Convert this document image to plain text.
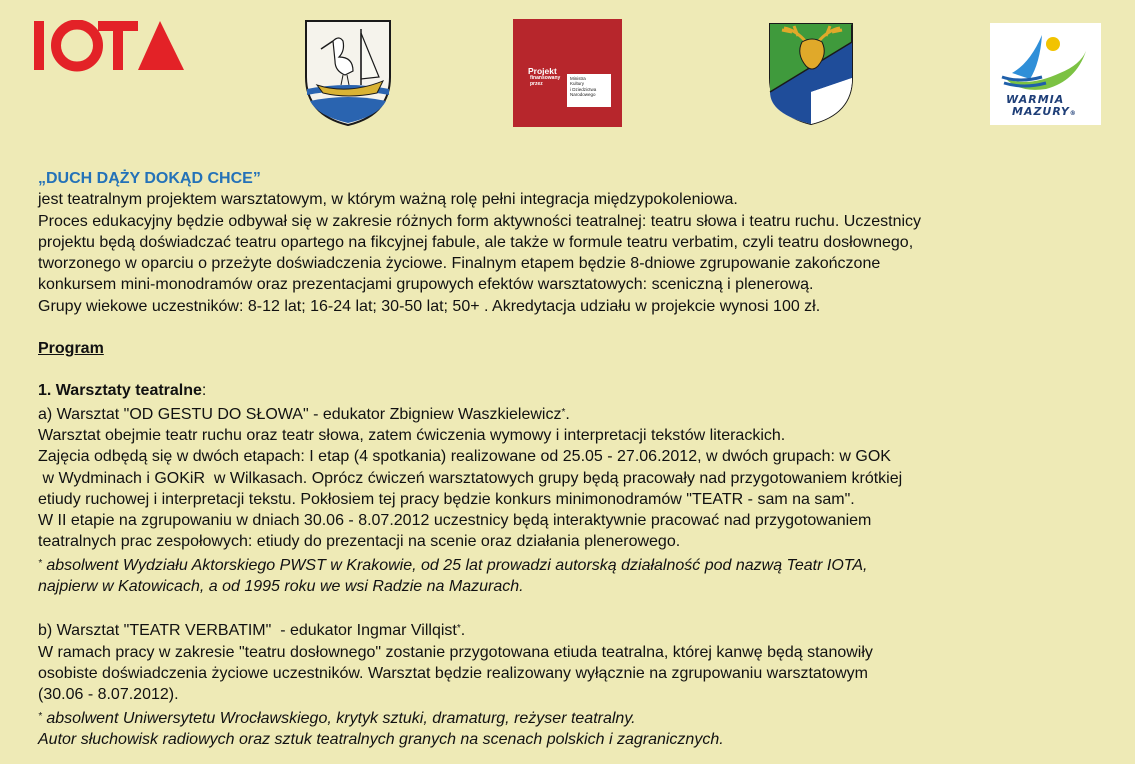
Projekt
finansowany
przez
Ministra
Kultury
i Dziedzictwa
Narodowego	WARMIA
MAZURY®

„DUCH DĄŻY DOKĄD CHCE”

jest teatralnym projektem warsztatowym, w którym ważną rolę pełni integracja międzypokoleniowa.

Proces edukacyjny będzie odbywał się w zakresie różnych form aktywności teatralnej: teatru słowa i teatru ruchu. Uczestnicy

projektu będą doświadczać teatru opartego na fikcyjnej fabule, ale także w formule teatru verbatim, czyli teatru dosłownego,

tworzonego w oparciu o przeżyte doświadczenia życiowe. Finalnym etapem będzie 8-dniowe zgrupowanie zakończone

konkursem mini-monodramów oraz prezentacjami grupowych efektów warsztatowych: sceniczną i plenerową.

Grupy wiekowe uczestników: 8-12 lat; 16-24 lat; 30-50 lat; 50+ . Akredytacja udziału w projekcie wynosi 100 zł.

Program

1. Warsztaty teatralne:

a) Warsztat "OD GESTU DO SŁOWA" - edukator Zbigniew Waszkielewicz*.

Warsztat obejmie teatr ruchu oraz teatr słowa, zatem ćwiczenia wymowy i interpretacji tekstów literackich.

Zajęcia odbędą się w dwóch etapach: I etap (4 spotkania) realizowane od 25.05 - 27.06.2012, w dwóch grupach: w GOK

w Wydminach i GOKiR  w Wilkasach. Oprócz ćwiczeń warsztatowych grupy będą pracowały nad przygotowaniem krótkiej

etiudy ruchowej i interpretacji tekstu. Pokłosiem tej pracy będzie konkurs minimonodramów "TEATR - sam na sam".

W II etapie na zgrupowaniu w dniach 30.06 - 8.07.2012 uczestnicy będą interaktywnie pracować nad przygotowaniem

teatralnych prac zespołowych: etiudy do prezentacji na scenie oraz działania plenerowego.

* absolwent Wydziału Aktorskiego PWST w Krakowie, od 25 lat prowadzi autorską działalność pod nazwą Teatr IOTA,

najpierw w Katowicach, a od 1995 roku we wsi Radzie na Mazurach.

b) Warsztat "TEATR VERBATIM"  - edukator Ingmar Villqist*.

W ramach pracy w zakresie "teatru dosłownego" zostanie przygotowana etiuda teatralna, której kanwę będą stanowiły

osobiste doświadczenia życiowe uczestników. Warsztat będzie realizowany wyłącznie na zgrupowaniu warsztatowym

(30.06 - 8.07.2012).

* absolwent Uniwersytetu Wrocławskiego, krytyk sztuki, dramaturg, reżyser teatralny.

Autor słuchowisk radiowych oraz sztuk teatralnych granych na scenach polskich i zagranicznych.
